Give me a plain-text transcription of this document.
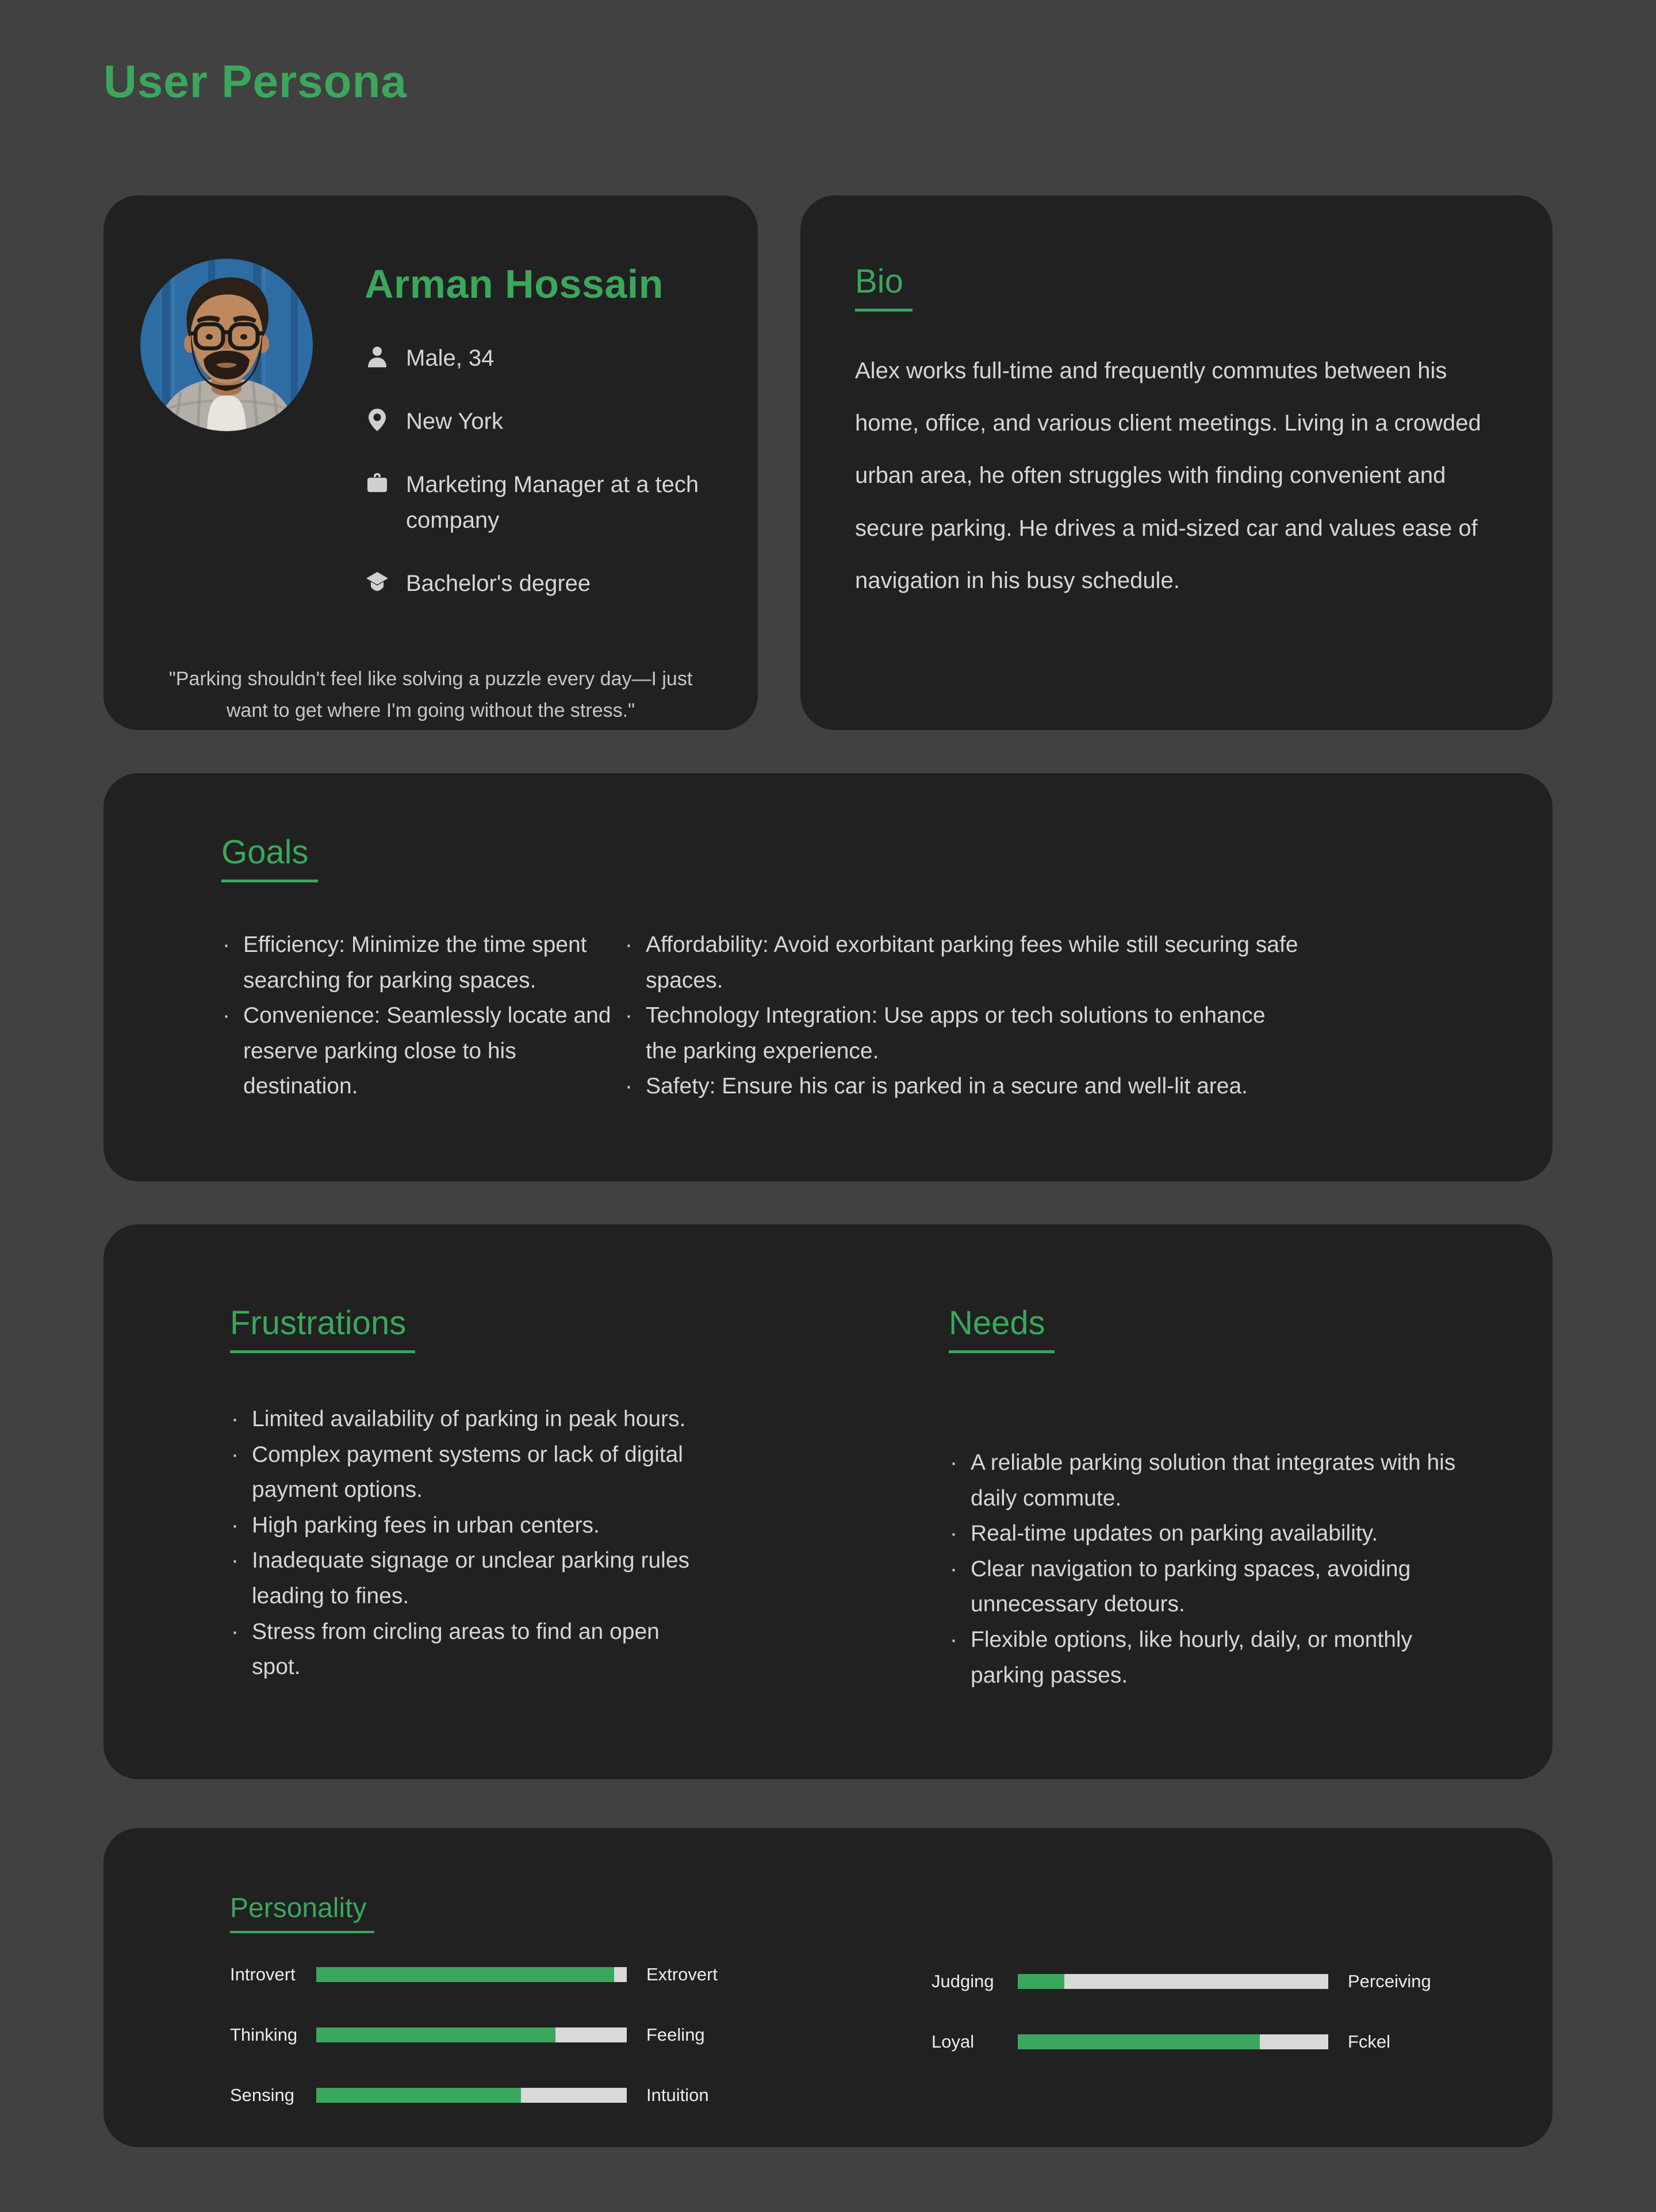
User Persona
Arman Hossain
Male, 34
New York
Marketing Manager at a tech company
Bachelor's degree
"Parking shouldn't feel like solving a puzzle every day—I just want to get where I'm going without the stress."
Bio

Alex works full-time and frequently commutes between his home, office, and various client meetings. Living in a crowded urban area, he often struggles with finding convenient and secure parking. He drives a mid-sized car and values ease of navigation in his busy schedule.

Goals
· Efficiency: Minimize the time spent searching for parking spaces.
· Convenience: Seamlessly locate and reserve parking close to his destination.
· Affordability: Avoid exorbitant parking fees while still securing safe spaces.
· Technology Integration: Use apps or tech solutions to enhance the parking experience.
· Safety: Ensure his car is parked in a secure and well-lit area.
Frustrations
· Limited availability of parking in peak hours.
· Complex payment systems or lack of digital payment options.
· High parking fees in urban centers.
· Inadequate signage or unclear parking rules leading to fines.
· Stress from circling areas to find an open spot.
Needs
· A reliable parking solution that integrates with his daily commute.
· Real-time updates on parking availability.
· Clear navigation to parking spaces, avoiding unnecessary detours.
· Flexible options, like hourly, daily, or monthly parking passes.
Personality
Introvert	Extrovert
Thinking	Feeling
Sensing	Intuition
Judging	Perceiving
Loyal	Fckel
